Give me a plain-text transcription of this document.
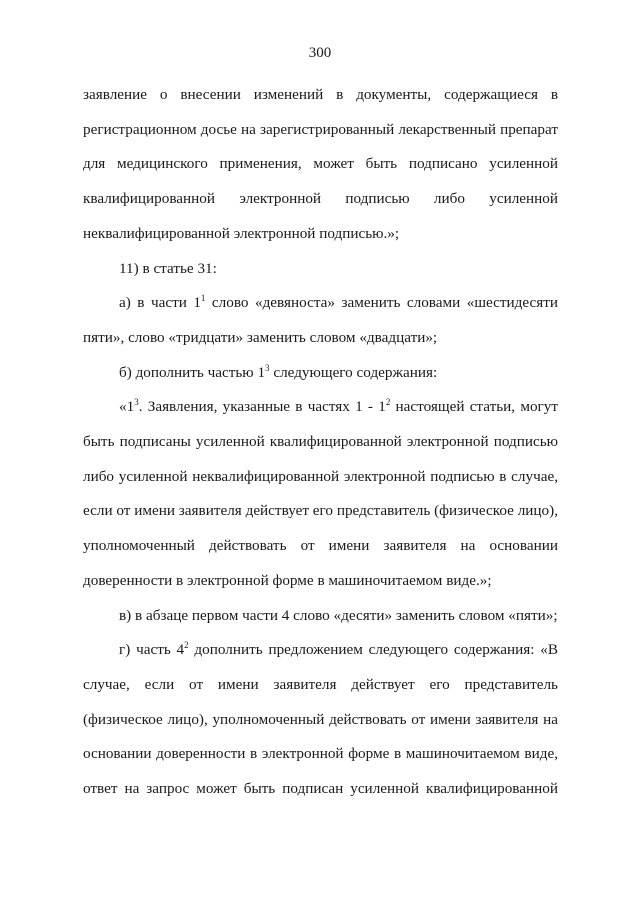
300

заявление о внесении изменений в документы, содержащиеся в регистрационном досье на зарегистрированный лекарственный препарат для медицинского применения, может быть подписано усиленной квалифицированной электронной подписью либо усиленной неквалифицированной электронной подписью.»;

11) в статье 31:

а) в части $1^1$ слово «девяноста» заменить словами «шестидесяти пяти», слово «тридцати» заменить словом «двадцати»;

б) дополнить частью $1^3$ следующего содержания:

«$1^3$. Заявления, указанные в частях $1 - 1^2$ настоящей статьи, могут быть подписаны усиленной квалифицированной электронной подписью либо усиленной неквалифицированной электронной подписью в случае, если от имени заявителя действует его представитель (физическое лицо), уполномоченный действовать от имени заявителя на основании доверенности в электронной форме в машиночитаемом виде.»;

в) в абзаце первом части 4 слово «десяти» заменить словом «пяти»;

г) часть $4^2$ дополнить предложением следующего содержания: «В случае, если от имени заявителя действует его представитель (физическое лицо), уполномоченный действовать от имени заявителя на основании доверенности в электронной форме в машиночитаемом виде, ответ на запрос может быть подписан усиленной квалифицированной
